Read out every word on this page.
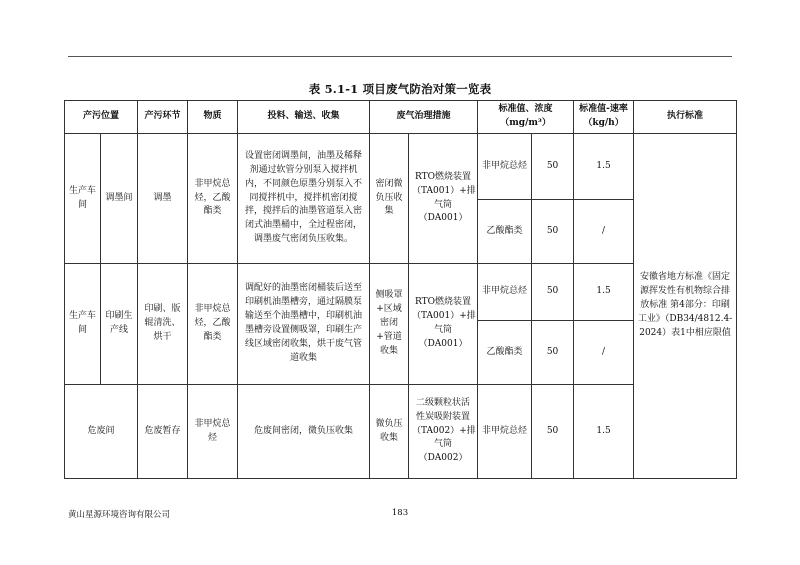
表 5.1-1 项目废气防治对策一览表
产污位置		产污环节	物质	投料、输送、收集	废气治理措施		标准值、浓度（mg/m³）		标准值-速率（kg/h）	执行标准
生产车间	调墨间	调墨	非甲烷总烃，乙酸酯类	设置密闭调墨间，油墨及稀释剂通过软管分别泵入搅拌机内，不同颜色原墨分别泵入不同搅拌机中，搅拌机密闭搅拌，搅拌后的油墨管道泵入密闭式油墨桶中，全过程密闭，调墨废气密闭负压收集。	密闭微负压收集	RTO燃烧装置（TA001）+排气筒（DA001）	非甲烷总烃	50	1.5	安徽省地方标准《固定源挥发性有机物综合排放标准 第4部分：印刷工业》（DB34/4812.4-2024）表1中相应限值
							乙酸酯类	50	/	
生产车间	印刷生产线	印刷、版辊清洗、烘干	非甲烷总烃，乙酸酯类	调配好的油墨密闭桶装后送至印刷机油墨槽旁，通过隔膜泵输送至个油墨槽中，印刷机油墨槽旁设置侧吸罩，印刷生产线区域密闭收集，烘干废气管道收集	侧吸罩+区域密闭+管道收集	RTO燃烧装置（TA001）+排气筒（DA001）	非甲烷总烃	50	1.5	
							乙酸酯类	50	/	
危废间		危废暂存	非甲烷总烃	危废间密闭，微负压收集	微负压收集	二级颗粒状活性炭吸附装置（TA002）+排气筒（DA002）	非甲烷总烃	50	1.5	
黄山星源环境咨询有限公司	183
